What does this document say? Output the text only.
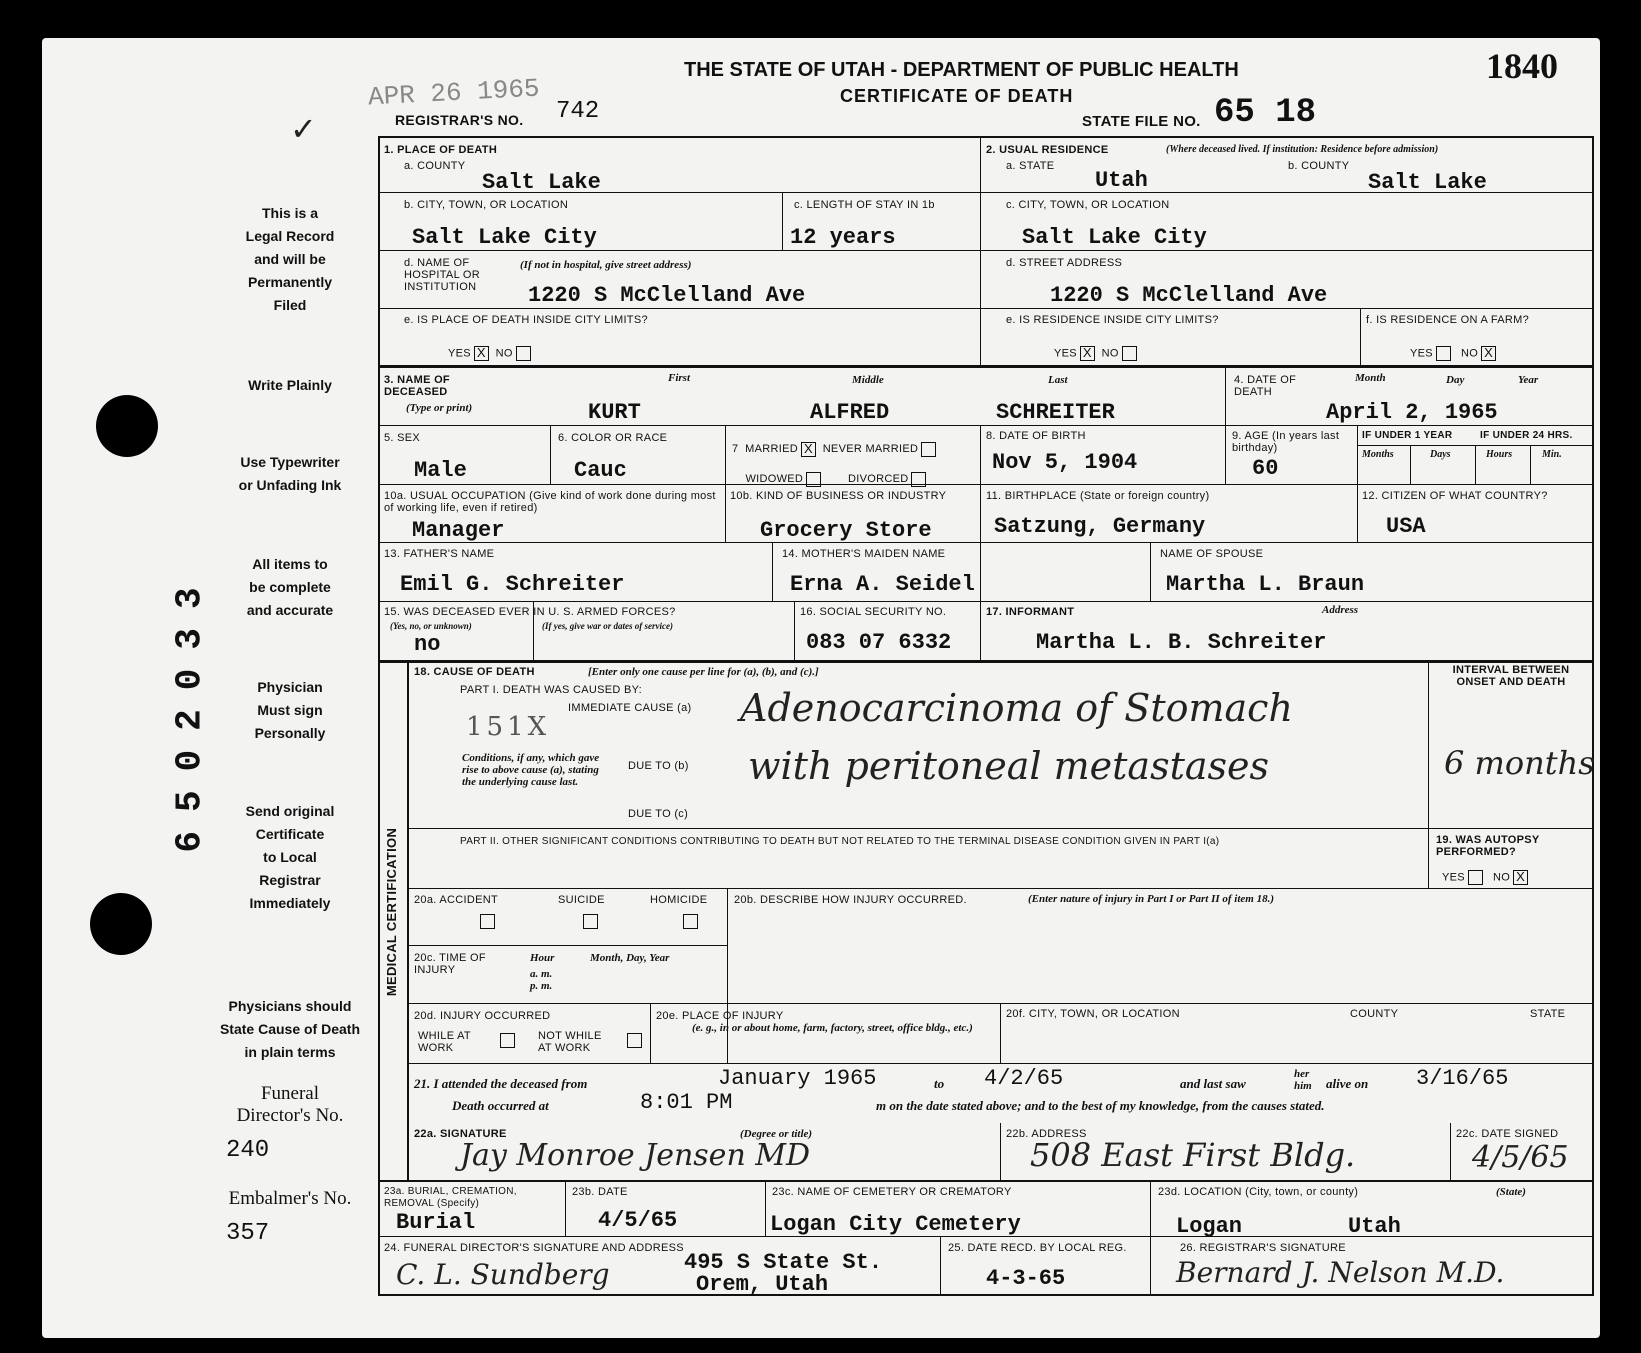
THE STATE OF UTAH - DEPARTMENT OF PUBLIC HEALTH
CERTIFICATE OF DEATH
1840
APR 26 1965
✓	REGISTRAR'S NO. 742	STATE FILE NO. 65 18
This is a
Legal Record
and will be
Permanently
Filed
Write Plainly
Use Typewriter
or Unfading Ink
All items to
be complete
and accurate
Physician
Must sign
Personally
Send original
Certificate
to Local
Registrar
Immediately
Physicians should
State Cause of Death
in plain terms
Funeral
Director's No.
240
Embalmer's No.
357
6502033
1. PLACE OF DEATH
a. COUNTY
Salt Lake
b. CITY, TOWN, OR LOCATION
Salt Lake City
c. LENGTH OF STAY IN 1b
12 years
d. NAME OF HOSPITAL OR INSTITUTION
(If not in hospital, give street address)
1220 S McClelland Ave
e. IS PLACE OF DEATH INSIDE CITY LIMITS?
YES X NO
2. USUAL RESIDENCE	(Where deceased lived. If institution: Residence before admission)
a. STATE
Utah
b. COUNTY
Salt Lake
c. CITY, TOWN, OR LOCATION
Salt Lake City
d. STREET ADDRESS
1220 S McClelland Ave
e. IS RESIDENCE INSIDE CITY LIMITS?
YES X NO
f. IS RESIDENCE ON A FARM?
YES	NO X
3. NAME OF DECEASED
(Type or print)
First	Middle	Last
KURT	ALFRED	SCHREITER
4. DATE OF DEATH
Month	Day	Year
April 2, 1965
5. SEX
Male
6. COLOR OR RACE
Cauc
7  MARRIED X NEVER MARRIED
WIDOWED	DIVORCED
8. DATE OF BIRTH
Nov 5, 1904
9. AGE (In years last birthday)
60
IF UNDER 1 YEAR	IF UNDER 24 HRS.
Months	Days	Hours	Min.
10a. USUAL OCCUPATION (Give kind of work done during most of working life, even if retired)
Manager
10b. KIND OF BUSINESS OR INDUSTRY
Grocery Store
11. BIRTHPLACE (State or foreign country)
Satzung, Germany
12. CITIZEN OF WHAT COUNTRY?
USA
13. FATHER'S NAME
Emil G. Schreiter
14. MOTHER'S MAIDEN NAME
Erna A. Seidel
NAME OF SPOUSE
Martha L. Braun
15. WAS DECEASED EVER IN U. S. ARMED FORCES?
(Yes, no, or unknown)	(If yes, give war or dates of service)
no
16. SOCIAL SECURITY NO.
083 07 6332
17. INFORMANT	Address
Martha L. B. Schreiter
MEDICAL CERTIFICATION
18. CAUSE OF DEATH	[Enter only one cause per line for (a), (b), and (c).]
PART I. DEATH WAS CAUSED BY:
IMMEDIATE CAUSE (a) Adenocarcinoma of Stomach
151X
Conditions, if any, which gave rise to above cause (a), stating the underlying cause last.
DUE TO (b) with peritoneal metastases
DUE TO (c)
INTERVAL BETWEEN ONSET AND DEATH
6 months
PART II. OTHER SIGNIFICANT CONDITIONS CONTRIBUTING TO DEATH BUT NOT RELATED TO THE TERMINAL DISEASE CONDITION GIVEN IN PART I(a)	19. WAS AUTOPSY PERFORMED?
YES	NO X
20a. ACCIDENT	SUICIDE	HOMICIDE 20b. DESCRIBE HOW INJURY OCCURRED.	(Enter nature of injury in Part I or Part II of item 18.)
20c. TIME OF INJURY
Hour
a. m.
p. m.
Month, Day, Year
20d. INJURY OCCURRED
WHILE AT WORK
NOT WHILE AT WORK
20e. PLACE OF INJURY
(e. g., in or about home, farm, factory, street, office bldg., etc.)
20f. CITY, TOWN, OR LOCATION	COUNTY	STATE
21. I attended the deceased from	January 1965	to 4/2/65	and last saw
her
him alive on 3/16/65
Death occurred at	8:01 PM	m on the date stated above; and to the best of my knowledge, from the causes stated.
22a. SIGNATURE	(Degree or title)
Jay Monroe Jensen MD
22b. ADDRESS
508 East First Bldg.
22c. DATE SIGNED
4/5/65
23a. BURIAL, CREMATION, REMOVAL (Specify)
Burial
23b. DATE
4/5/65
23c. NAME OF CEMETERY OR CREMATORY
Logan City Cemetery
23d. LOCATION (City, town, or county)	(State)
Logan	Utah
24. FUNERAL DIRECTOR'S SIGNATURE AND ADDRESS
C. L. Sundberg	495 S State St.
Orem, Utah
25. DATE RECD. BY LOCAL REG.
4-3-65
26. REGISTRAR'S SIGNATURE
Bernard J. Nelson M.D.
